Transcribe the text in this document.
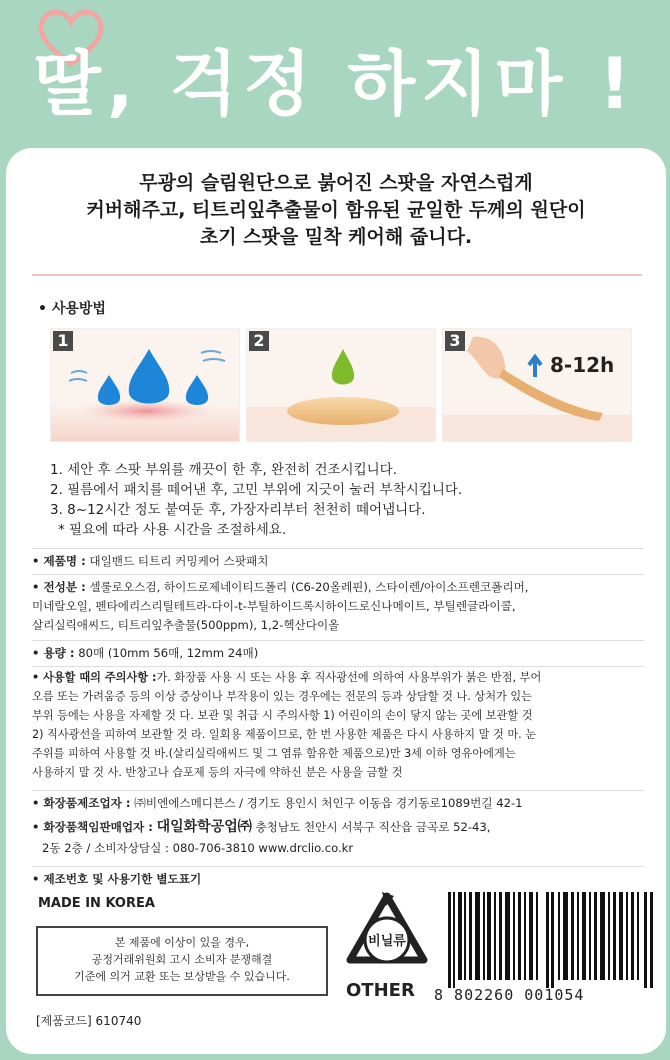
딸, 걱정 하지마 !
무광의 슬림원단으로 붉어진 스팟을 자연스럽게
커버해주고, 티트리잎추출물이 함유된 균일한 두께의 원단이
초기 스팟을 밀착 케어해 줍니다.
• 사용방법
1	2	3
8-12h
1. 세안 후 스팟 부위를 깨끗이 한 후, 완전히 건조시킵니다.
2. 필름에서 패치를 떼어낸 후, 고민 부위에 지긋이 눌러 부착시킵니다.
3. 8~12시간 정도 붙여둔 후, 가장자리부터 천천히 떼어냅니다.
* 필요에 따라 사용 시간을 조절하세요.
• 제품명 : 대일밴드 티트리 커밍케어 스팟패치
• 전성분 : 셀룰로오스검, 하이드로제네이티드폴리 (C6-20올레핀), 스타이렌/아이소프렌코폴리머,
미네랄오일, 펜타에리스리틸테트라-다이-t-부틸하이드록시하이드로신나메이트, 부틸렌글라이콜,
살리실릭애씨드, 티트리잎추출물(500ppm), 1,2-헥산다이올
• 용량 : 80매 (10mm 56매, 12mm 24매)
• 사용할 때의 주의사항 :가. 화장품 사용 시 또는 사용 후 직사광선에 의하여 사용부위가 붉은 반점, 부어
오름 또는 가려움증 등의 이상 증상이나 부작용이 있는 경우에는 전문의 등과 상담할 것 나. 상처가 있는
부위 등에는 사용을 자제할 것 다. 보관 및 취급 시 주의사항 1) 어린이의 손이 닿지 않는 곳에 보관할 것
2) 직사광선을 피하여 보관할 것 라. 일회용 제품이므로, 한 번 사용한 제품은 다시 사용하지 말 것 마. 눈
주위를 피하여 사용할 것 바.(살리실릭애씨드 및 그 염류 함유한 제품으로)만 3세 이하 영유아에게는
사용하지 말 것 사. 반창고나 습포제 등의 자극에 약하신 분은 사용을 금할 것
• 화장품제조업자 : ㈜비엔에스메디븐스 / 경기도 용인시 처인구 이동읍 경기동로1089번길 42-1
• 화장품책임판매업자 : 대일화학공업㈜ 충청남도 천안시 서북구 직산읍 금곡로 52-43,
2동 2층 / 소비자상담실 : 080-706-3810 www.drclio.co.kr
• 제조번호 및 사용기한 별도표기
MADE IN KOREA
본 제품에 이상이 있을 경우,
공정거래위원회 고시 소비자 분쟁해결
기준에 의거 교환 또는 보상받을 수 있습니다.
[제품코드] 610740
비닐류
OTHER 8 802260 001054
